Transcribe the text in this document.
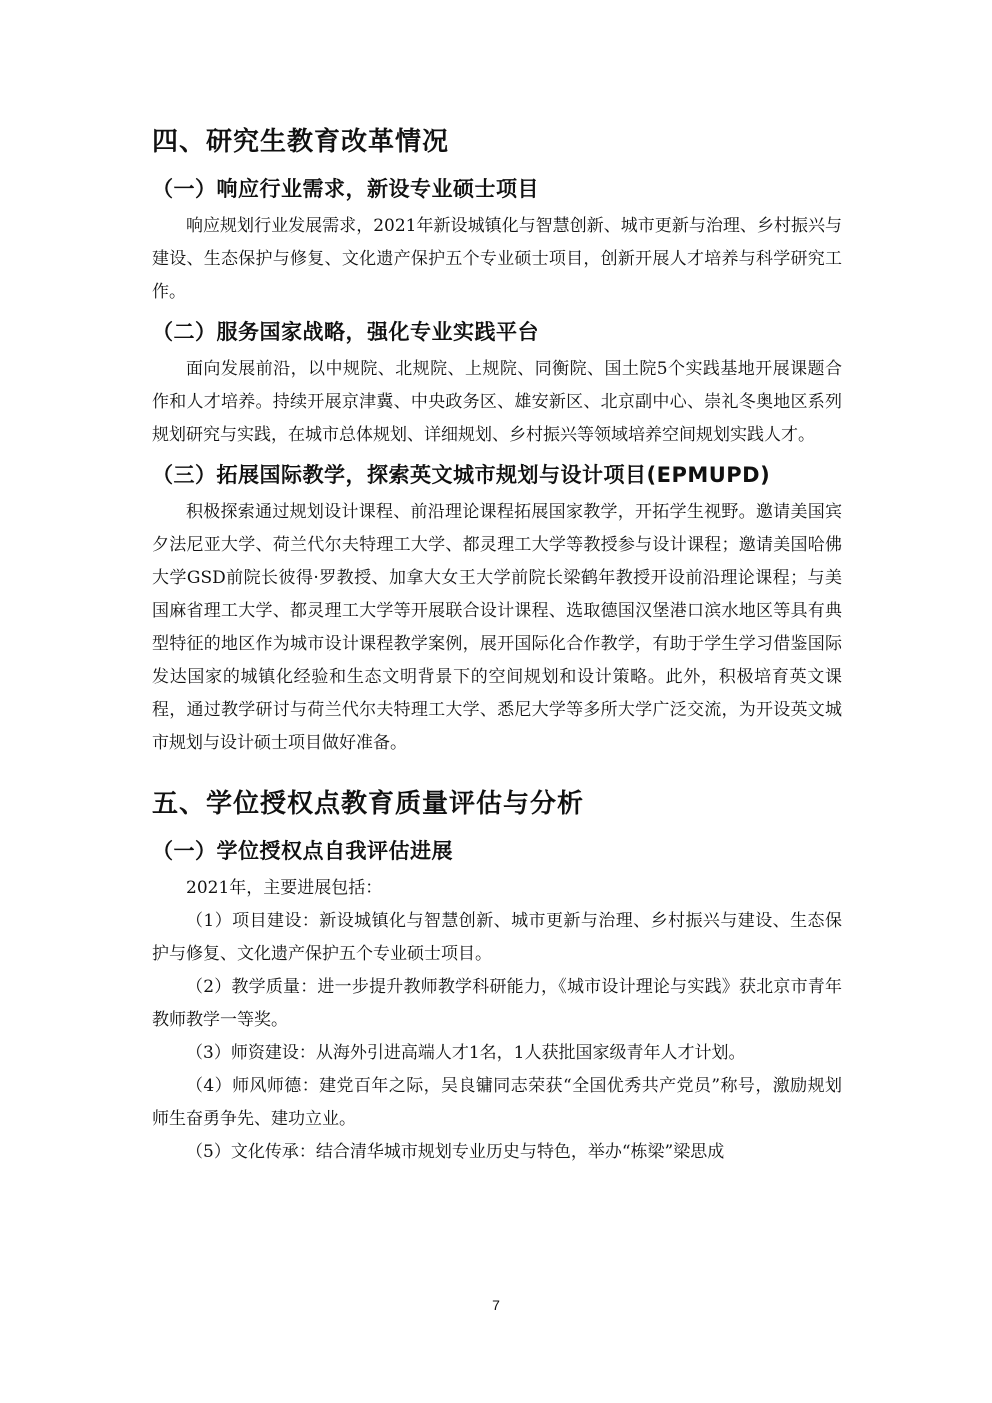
四、研究生教育改革情况
（一）响应行业需求，新设专业硕士项目

响应规划行业发展需求，2021年新设城镇化与智慧创新、城市更新与治理、乡村振兴与建设、生态保护与修复、文化遗产保护五个专业硕士项目，创新开展人才培养与科学研究工作。

（二）服务国家战略，强化专业实践平台

面向发展前沿，以中规院、北规院、上规院、同衡院、国土院5个实践基地开展课题合作和人才培养。持续开展京津冀、中央政务区、雄安新区、北京副中心、崇礼冬奥地区系列规划研究与实践，在城市总体规划、详细规划、乡村振兴等领域培养空间规划实践人才。

（三）拓展国际教学，探索英文城市规划与设计项目(EPMUPD)

积极探索通过规划设计课程、前沿理论课程拓展国家教学，开拓学生视野。邀请美国宾夕法尼亚大学、荷兰代尔夫特理工大学、都灵理工大学等教授参与设计课程；邀请美国哈佛大学GSD前院长彼得·罗教授、加拿大女王大学前院长梁鹤年教授开设前沿理论课程；与美国麻省理工大学、都灵理工大学等开展联合设计课程、选取德国汉堡港口滨水地区等具有典型特征的地区作为城市设计课程教学案例，展开国际化合作教学，有助于学生学习借鉴国际发达国家的城镇化经验和生态文明背景下的空间规划和设计策略。此外，积极培育英文课程，通过教学研讨与荷兰代尔夫特理工大学、悉尼大学等多所大学广泛交流，为开设英文城市规划与设计硕士项目做好准备。

五、学位授权点教育质量评估与分析
（一）学位授权点自我评估进展

2021年，主要进展包括：

（1）项目建设：新设城镇化与智慧创新、城市更新与治理、乡村振兴与建设、生态保护与修复、文化遗产保护五个专业硕士项目。

（2）教学质量：进一步提升教师教学科研能力，《城市设计理论与实践》获北京市青年教师教学一等奖。

（3）师资建设：从海外引进高端人才1名，1人获批国家级青年人才计划。

（4）师风师德：建党百年之际，吴良镛同志荣获“全国优秀共产党员”称号，激励规划师生奋勇争先、建功立业。

（5）文化传承：结合清华城市规划专业历史与特色，举办“栋梁”梁思成

7
